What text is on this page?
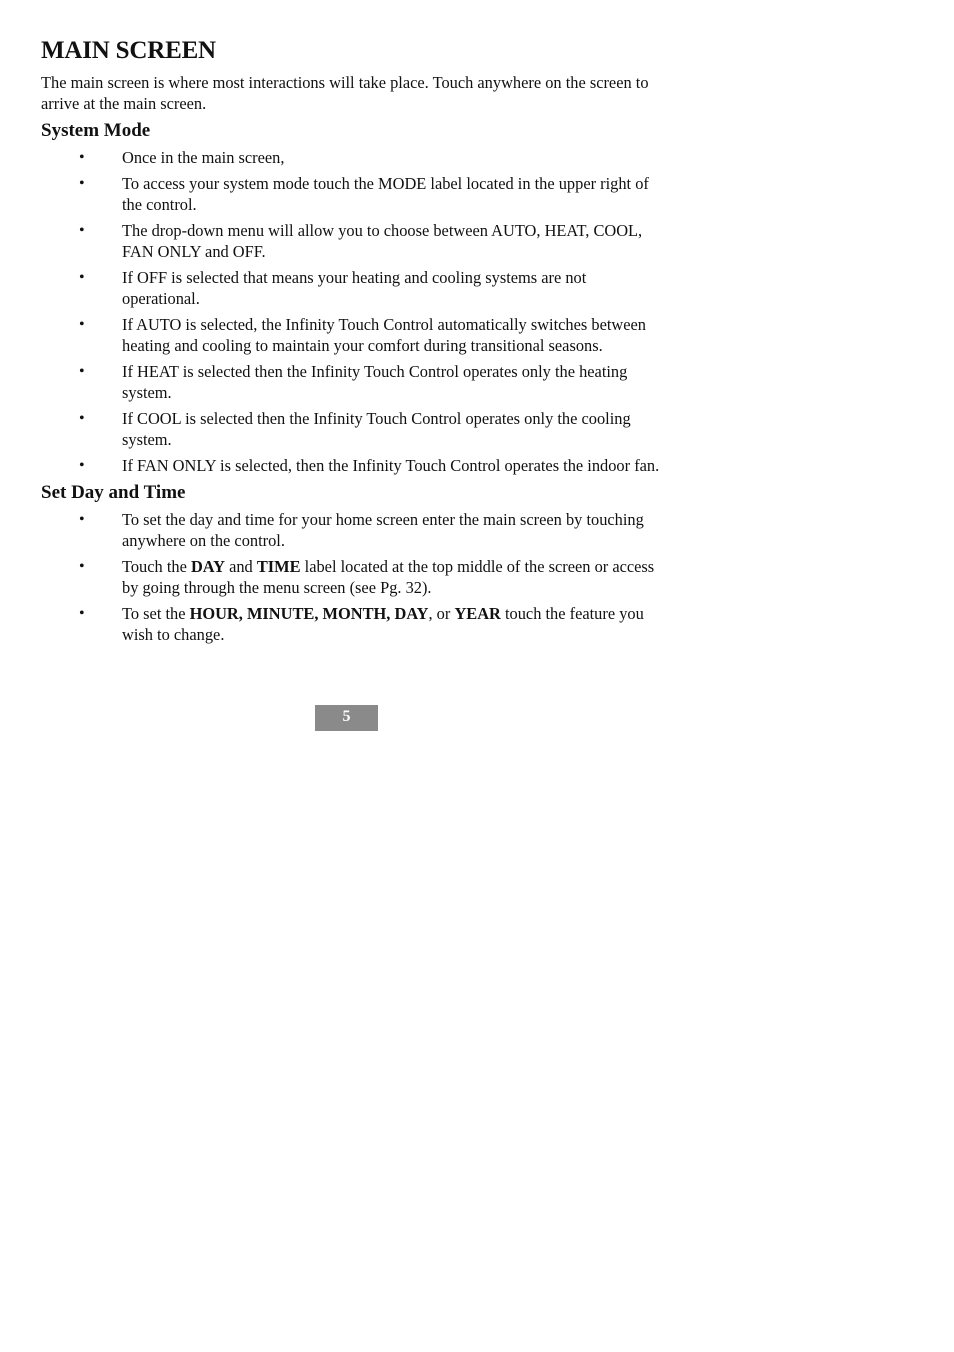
MAIN SCREEN

The main screen is where most interactions will take place. Touch anywhere on the screen to arrive at the main screen.

System Mode
• Once in the main screen,
• To access your system mode touch the MODE label located in the upper right of the control.
• The drop-down menu will allow you to choose between AUTO, HEAT, COOL, FAN ONLY and OFF.
• If OFF is selected that means your heating and cooling systems are not operational.
• If AUTO is selected, the Infinity Touch Control automatically switches between heating and cooling to maintain your comfort during transitional seasons.
• If HEAT is selected then the Infinity Touch Control operates only the heating system.
• If COOL is selected then the Infinity Touch Control operates only the cooling system.
• If FAN ONLY is selected, then the Infinity Touch Control operates the indoor fan.
Set Day and Time
• To set the day and time for your home screen enter the main screen by touching anywhere on the control.
• Touch the DAY and TIME label located at the top middle of the screen or access by going through the menu screen (see Pg. 32).
• To set the HOUR, MINUTE, MONTH, DAY, or YEAR touch the feature you wish to change.
5
